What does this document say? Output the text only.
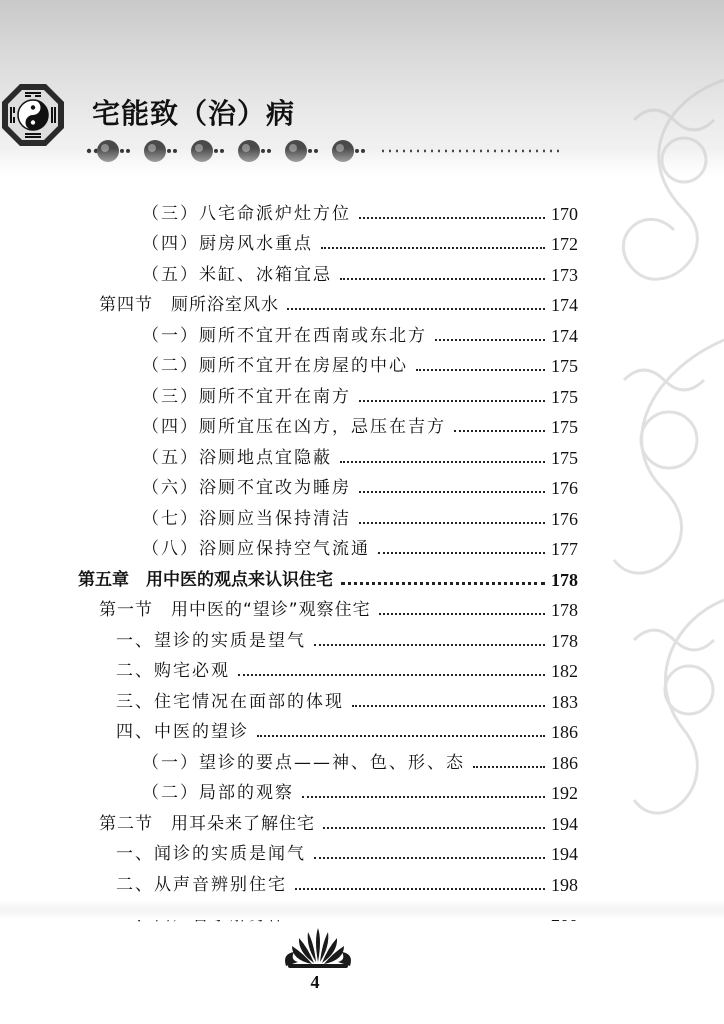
宅能致（治）病
（三）八宅命派炉灶方位	170
（四）厨房风水重点	172
（五）米缸、冰箱宜忌	173
第四节　厕所浴室风水	174
（一）厕所不宜开在西南或东北方	174
（二）厕所不宜开在房屋的中心	175
（三）厕所不宜开在南方	175
（四）厕所宜压在凶方，忌压在吉方	175
（五）浴厕地点宜隐蔽	175
（六）浴厕不宜改为睡房	176
（七）浴厕应当保持清洁	176
（八）浴厕应保持空气流通	177
第五章　用中医的观点来认识住宅	178
第一节　用中医的“望诊”观察住宅	178
一、望诊的实质是望气	178
二、购宅必观	182
三、住宅情况在面部的体现	183
四、中医的望诊	186
（一）望诊的要点——神、色、形、态	186
（二）局部的观察	192
第二节　用耳朵来了解住宅	194
一、闻诊的实质是闻气	194
二、从声音辨别住宅	198
4
